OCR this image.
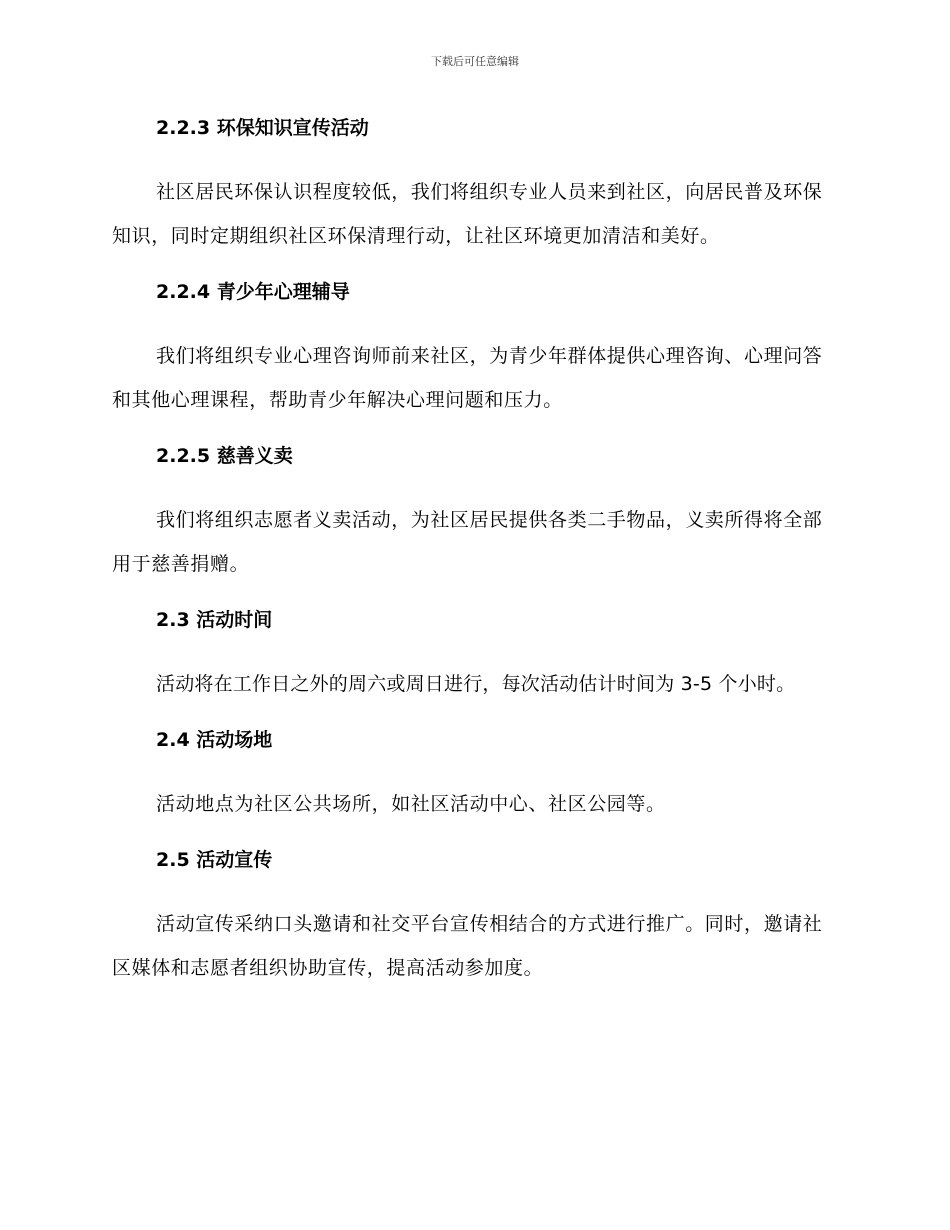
下载后可任意编辑
2.2.3 环保知识宣传活动

社区居民环保认识程度较低，我们将组织专业人员来到社区，向居民普及环保知识，同时定期组织社区环保清理行动，让社区环境更加清洁和美好。

2.2.4 青少年心理辅导

我们将组织专业心理咨询师前来社区，为青少年群体提供心理咨询、心理问答和其他心理课程，帮助青少年解决心理问题和压力。

2.2.5 慈善义卖

我们将组织志愿者义卖活动，为社区居民提供各类二手物品，义卖所得将全部用于慈善捐赠。

2.3 活动时间

活动将在工作日之外的周六或周日进行，每次活动估计时间为 3-5 个小时。

2.4 活动场地

活动地点为社区公共场所，如社区活动中心、社区公园等。

2.5 活动宣传

活动宣传采纳口头邀请和社交平台宣传相结合的方式进行推广。同时，邀请社区媒体和志愿者组织协助宣传，提高活动参加度。
